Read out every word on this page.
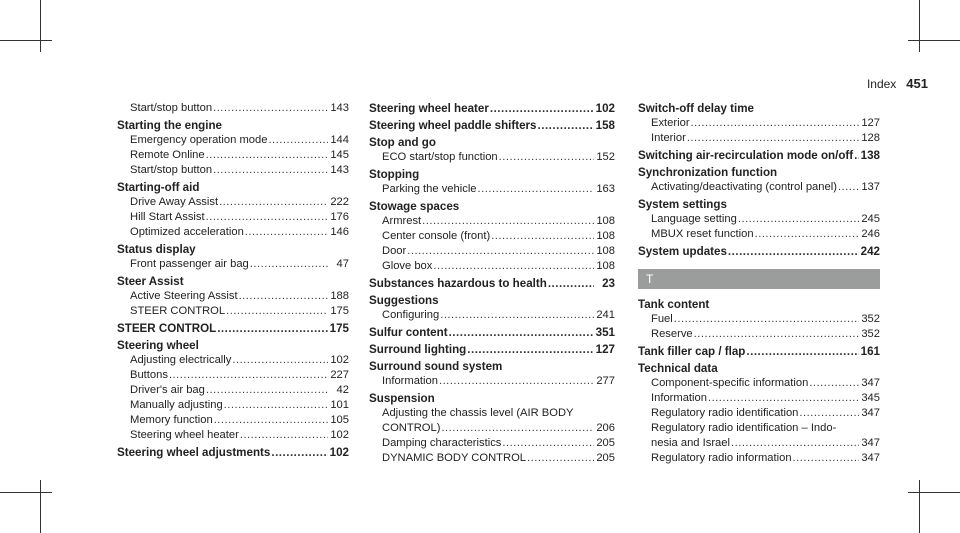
Index 451
Start/stop button .....	143
Starting the engine
Emergency operation mode .....	144
Remote Online .....	145
Start/stop button .....	143
Starting-off aid
Drive Away Assist .....	222
Hill Start Assist .....	176
Optimized acceleration .....	146
Status display
Front passenger air bag .....	47
Steer Assist
Active Steering Assist .....	188
STEER CONTROL .....	175
STEER CONTROL .....	175
Steering wheel
Adjusting electrically .....	102
Buttons .....	227
Driver's air bag .....	42
Manually adjusting .....	101
Memory function .....	105
Steering wheel heater .....	102
Steering wheel adjustments .....	102
Steering wheel heater .....	102
Steering wheel paddle shifters .....	158
Stop and go
ECO start/stop function .....	152
Stopping
Parking the vehicle .....	163
Stowage spaces
Armrest .....	108
Center console (front) .....	108
Door .....	108
Glove box .....	108
Substances hazardous to health .....	23
Suggestions
Configuring .....	241
Sulfur content .....	351
Surround lighting .....	127
Surround sound system
Information .....	277
Suspension
Adjusting the chassis level (AIR BODY
CONTROL) .....	206
Damping characteristics .....	205
DYNAMIC BODY CONTROL .....	205
Switch-off delay time
Exterior .....	127
Interior .....	128
Switching air-recirculation mode on/off ..... 138
Synchronization function
Activating/deactivating (control panel) ..... 137
System settings
Language setting .....	245
MBUX reset function .....	246
System updates .....	242
T
Tank content
Fuel .....	352
Reserve .....	352
Tank filler cap / flap .....	161
Technical data
Component-specific information .....	347
Information .....	345
Regulatory radio identification .....	347
Regulatory radio identification – Indo-
nesia and Israel .....	347
Regulatory radio information .....	347
